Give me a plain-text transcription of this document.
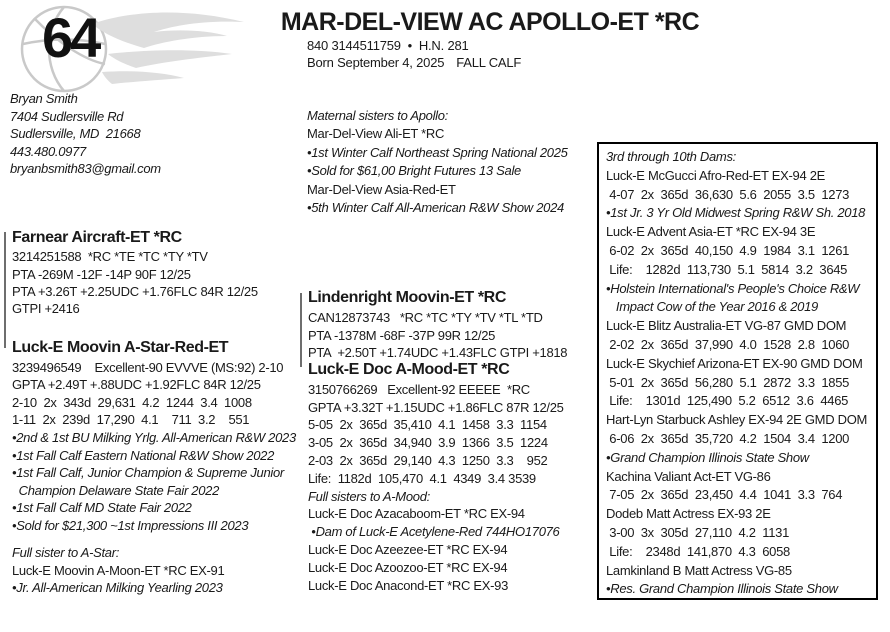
64	MAR-DEL-VIEW AC APOLLO-ET *RC
840 3144511759  •  H.N. 281
Born September 4, 2025 FALL CALF
Bryan Smith
7404 Sudlersville Rd
Sudlersville, MD  21668
443.480.0977
bryanbsmith83@gmail.com
Farnear Aircraft-ET *RC
3214251588  *RC *TE *TC *TY *TV
PTA -269M -12F -14P 90F 12/25
PTA +3.26T +2.25UDC +1.76FLC 84R 12/25
GTPI +2416
Luck-E Moovin A-Star-Red-ET
3239496549    Excellent-90 EVVVE (MS:92) 2-10
GPTA +2.49T +.88UDC +1.92FLC 84R 12/25
2-10  2x  343d  29,631  4.2  1244  3.4  1008
1-11  2x  239d  17,290  4.1    711  3.2    551
•2nd & 1st BU Milking Yrlg. All-American R&W 2023
•1st Fall Calf Eastern National R&W Show 2022
•1st Fall Calf, Junior Champion & Supreme Junior
Champion Delaware State Fair 2022
•1st Fall Calf MD State Fair 2022
•Sold for $21,300 ~1st Impressions III 2023
Full sister to A-Star:
Luck-E Moovin A-Moon-ET *RC EX-91
•Jr. All-American Milking Yearling 2023
Maternal sisters to Apollo:
Mar-Del-View Ali-ET *RC
•1st Winter Calf Northeast Spring National 2025
•Sold for $61,00 Bright Futures 13 Sale
Mar-Del-View Asia-Red-ET
•5th Winter Calf All-American R&W Show 2024
Lindenright Moovin-ET *RC
CAN12873743   *RC *TC *TY *TV *TL *TD
PTA -1378M -68F -37P 99R 12/25
PTA  +2.50T +1.74UDC +1.43FLC GTPI +1818
Luck-E Doc A-Mood-ET *RC
3150766269   Excellent-92 EEEEE  *RC
GPTA +3.32T +1.15UDC +1.86FLC 87R 12/25
5-05  2x  365d  35,410  4.1  1458  3.3  1154
3-05  2x  365d  34,940  3.9  1366  3.5  1224
2-03  2x  365d  29,140  4.3  1250  3.3    952
Life:  1182d  105,470  4.1  4349  3.4 3539
Full sisters to A-Mood:
Luck-E Doc Azacaboom-ET *RC EX-94
•Dam of Luck-E Acetylene-Red 744HO17076
Luck-E Doc Azeezee-ET *RC EX-94
Luck-E Doc Azoozoo-ET *RC EX-94
Luck-E Doc Anacond-ET *RC EX-93
3rd through 10th Dams:
Luck-E McGucci Afro-Red-ET EX-94 2E
4-07  2x  365d  36,630  5.6  2055  3.5  1273
•1st Jr. 3 Yr Old Midwest Spring R&W Sh. 2018
Luck-E Advent Asia-ET *RC EX-94 3E
6-02  2x  365d  40,150  4.9  1984  3.1  1261
Life:    1282d  113,730  5.1  5814  3.2  3645
•Holstein International's People's Choice R&W
Impact Cow of the Year 2016 & 2019
Luck-E Blitz Australia-ET VG-87 GMD DOM
2-02  2x  365d  37,990  4.0  1528  2.8  1060
Luck-E Skychief Arizona-ET EX-90 GMD DOM
5-01  2x  365d  56,280  5.1  2872  3.3  1855
Life:    1301d  125,490  5.2  6512  3.6  4465
Hart-Lyn Starbuck Ashley EX-94 2E GMD DOM
6-06  2x  365d  35,720  4.2  1504  3.4  1200
•Grand Champion Illinois State Show
Kachina Valiant Act-ET VG-86
7-05  2x  365d  23,450  4.4  1041  3.3  764
Dodeb Matt Actress EX-93 2E
3-00  3x  305d  27,110  4.2  1131
Life:    2348d  141,870  4.3  6058
Lamkinland B Matt Actress VG-85
•Res. Grand Champion Illinois State Show
